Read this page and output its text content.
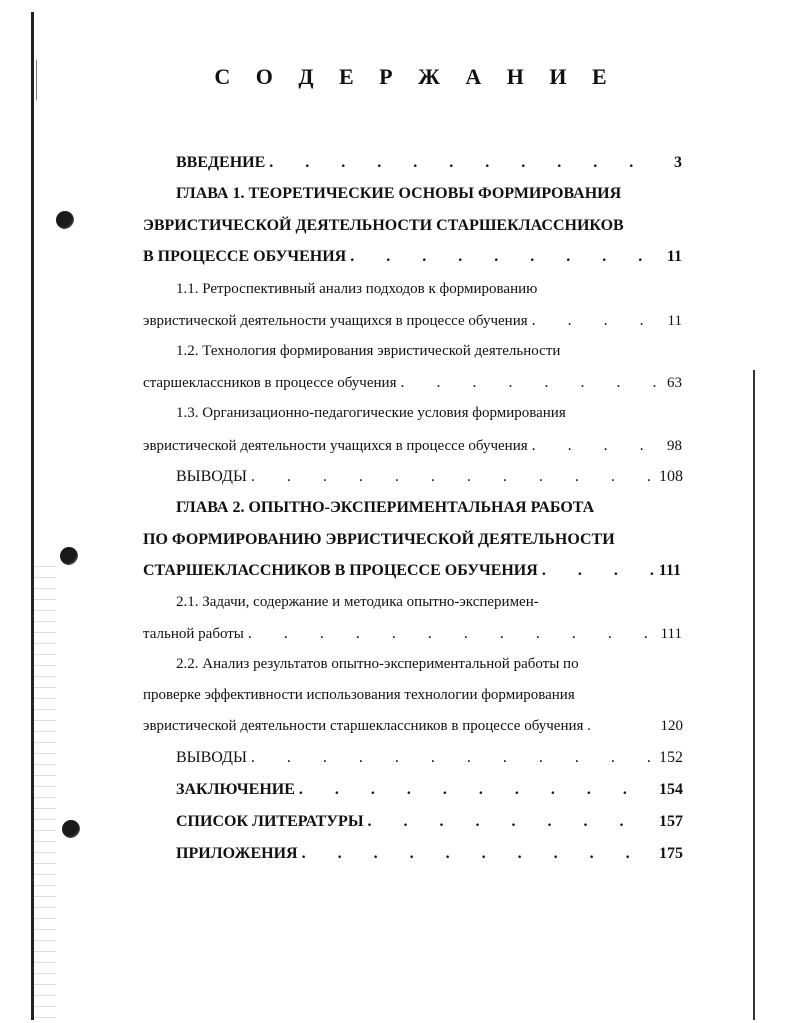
С О Д Е Р Ж А Н И Е
ВВЕДЕНИЕ .	3
ГЛАВА 1. ТЕОРЕТИЧЕСКИЕ ОСНОВЫ ФОРМИРОВАНИЯ
ЭВРИСТИЧЕСКОЙ ДЕЯТЕЛЬНОСТИ СТАРШЕКЛАССНИКОВ
В ПРОЦЕССЕ ОБУЧЕНИЯ .	11
1.1. Ретроспективный анализ подходов к формированию
эвристической деятельности учащихся в процессе обучения .	11
1.2. Технология формирования эвристической деятельности
старшеклассников в процессе обучения .	63
1.3. Организационно-педагогические условия формирования
эвристической деятельности учащихся в процессе обучения .	98
ВЫВОДЫ .	108
ГЛАВА 2. ОПЫТНО-ЭКСПЕРИМЕНТАЛЬНАЯ РАБОТА
ПО ФОРМИРОВАНИЮ ЭВРИСТИЧЕСКОЙ ДЕЯТЕЛЬНОСТИ
СТАРШЕКЛАССНИКОВ В ПРОЦЕССЕ ОБУЧЕНИЯ .	111
2.1. Задачи, содержание и методика опытно-эксперимен-
тальной работы .	111
2.2. Анализ результатов опытно-экспериментальной работы по
проверке эффективности использования технологии формирования
эвристической деятельности старшеклассников в процессе обучения .	120
ВЫВОДЫ .	152
ЗАКЛЮЧЕНИЕ .	154
СПИСОК ЛИТЕРАТУРЫ .	157
ПРИЛОЖЕНИЯ .	175
